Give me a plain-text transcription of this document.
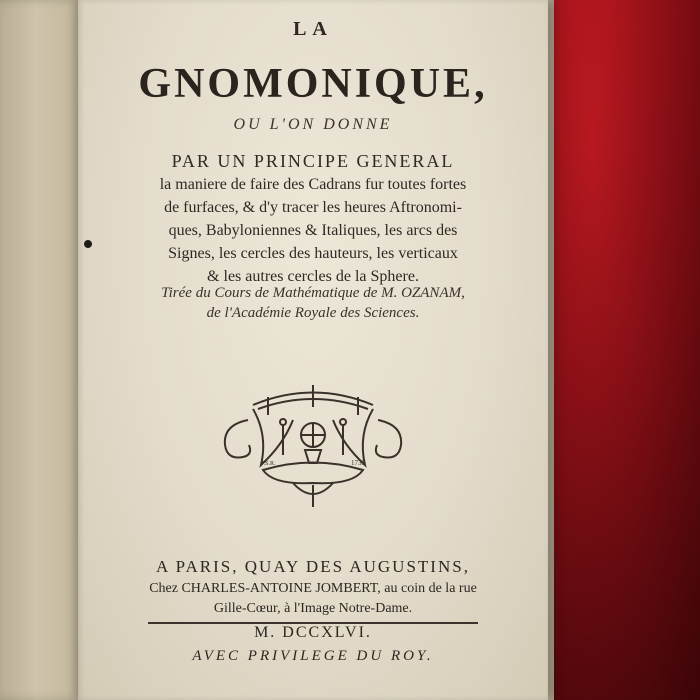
LA
GNOMONIQUE,
OU L'ON DONNE
PAR UN PRINCIPE GENERAL
la maniere de faire des Cadrans fur toutes fortes
de furfaces, & d'y tracer les heures Aftronomi-
ques, Babyloniennes & Italiques, les arcs des
Signes, les cercles des hauteurs, les verticaux
& les autres cercles de la Sphere.
Tirée du Cours de Mathématique de M. OZANAM,
de l'Académie Royale des Sciences.
P.S.R.	1735
A PARIS, QUAY DES AUGUSTINS,
Chez CHARLES-ANTOINE JOMBERT, au coin de la rue
Gille-Cœur, à l'Image Notre-Dame.
M. DCCXLVI.
AVEC PRIVILEGE DU ROY.
